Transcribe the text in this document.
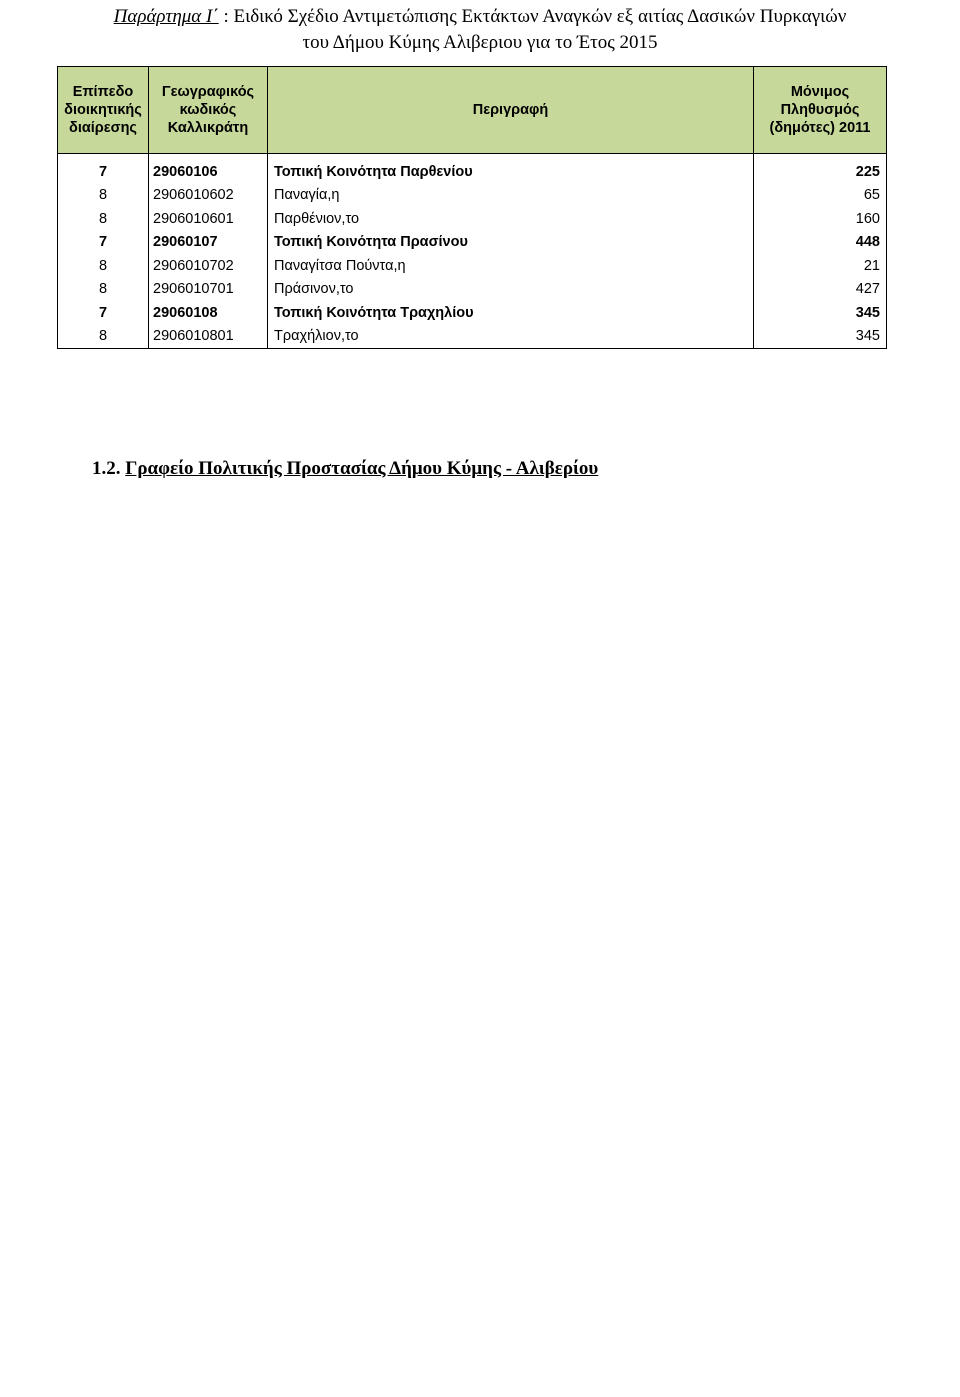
Παράρτημα Ι΄ : Ειδικό Σχέδιο Αντιμετώπισης Εκτάκτων Αναγκών εξ αιτίας Δασικών Πυρκαγιών
του Δήμου Κύμης Αλιβεριου για το Έτος 2015
Επίπεδο διοικητικής διαίρεσης	Γεωγραφικός κωδικός Καλλικράτη	Περιγραφή	Μόνιμος Πληθυσμός (δημότες) 2011
7	29060106	Τοπική Κοινότητα Παρθενίου	225
8	2906010602	Παναγία,η	65
8	2906010601	Παρθένιον,το	160
7	29060107	Τοπική Κοινότητα Πρασίνου	448
8	2906010702	Παναγίτσα Πούντα,η	21
8	2906010701	Πράσινον,το	427
7	29060108	Τοπική Κοινότητα Τραχηλίου	345
8	2906010801	Τραχήλιον,το	345
1.2. Γραφείο Πολιτικής Προστασίας Δήμου Κύμης - Αλιβερίου
